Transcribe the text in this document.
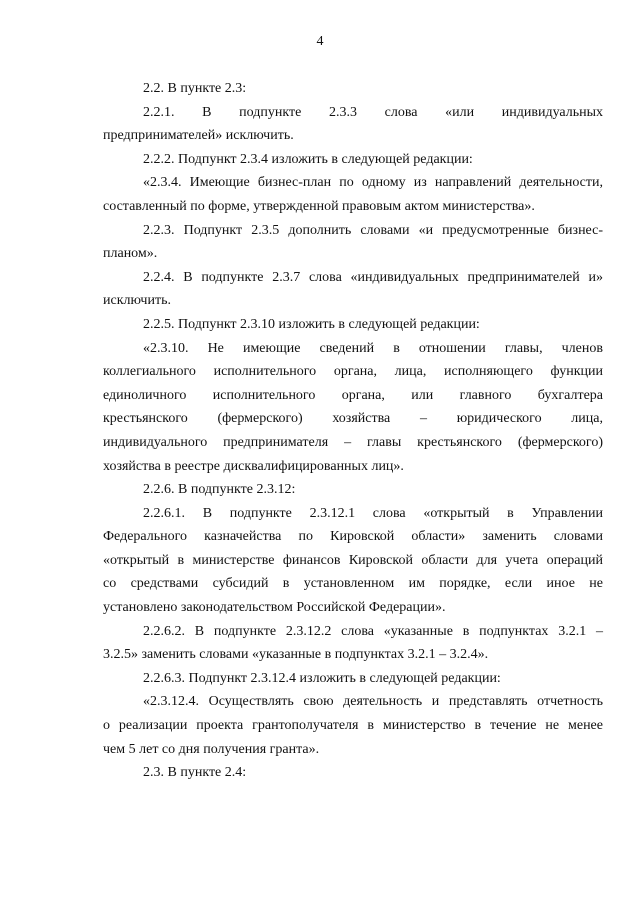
4
2.2. В пункте 2.3:
2.2.1. В подпункте 2.3.3 слова «или индивидуальных
предпринимателей» исключить.
2.2.2. Подпункт 2.3.4 изложить в следующей редакции:
«2.3.4. Имеющие бизнес-план по одному из направлений деятельности,
составленный по форме, утвержденной правовым актом министерства».
2.2.3. Подпункт 2.3.5 дополнить словами «и предусмотренные бизнес-
планом».
2.2.4. В подпункте 2.3.7 слова «индивидуальных предпринимателей и»
исключить.
2.2.5. Подпункт 2.3.10 изложить в следующей редакции:
«2.3.10. Не имеющие сведений в отношении главы, членов
коллегиального исполнительного органа, лица, исполняющего функции
единоличного исполнительного органа, или главного бухгалтера
крестьянского (фермерского) хозяйства – юридического лица,
индивидуального предпринимателя – главы крестьянского (фермерского)
хозяйства в реестре дисквалифицированных лиц».
2.2.6. В подпункте 2.3.12:
2.2.6.1. В подпункте 2.3.12.1 слова «открытый в Управлении
Федерального казначейства по Кировской области» заменить словами
«открытый в министерстве финансов Кировской области для учета операций
со средствами субсидий в установленном им порядке, если иное не
установлено законодательством Российской Федерации».
2.2.6.2. В подпункте 2.3.12.2 слова «указанные в подпунктах 3.2.1 –
3.2.5» заменить словами «указанные в подпунктах 3.2.1 – 3.2.4».
2.2.6.3. Подпункт 2.3.12.4 изложить в следующей редакции:
«2.3.12.4. Осуществлять свою деятельность и представлять отчетность
о реализации проекта грантополучателя в министерство в течение не менее
чем 5 лет со дня получения гранта».
2.3. В пункте 2.4:
